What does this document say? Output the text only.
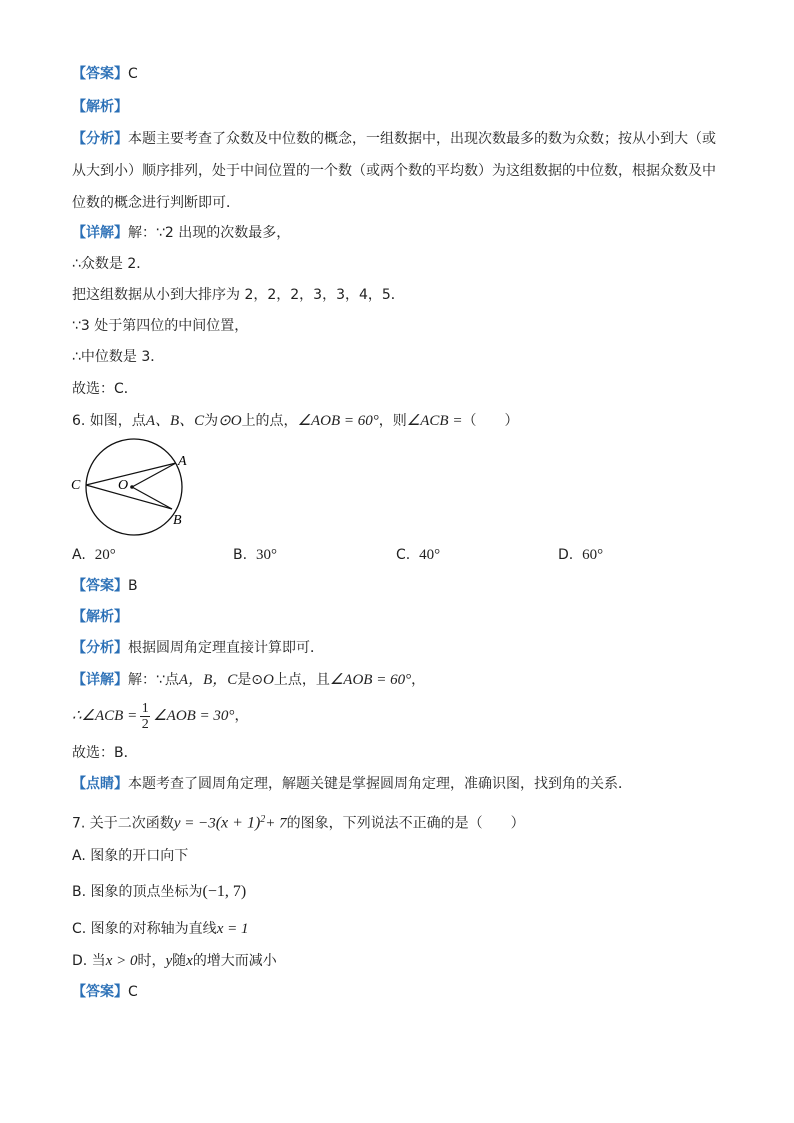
【答案】C
【解析】
【分析】本题主要考查了众数及中位数的概念，一组数据中，出现次数最多的数为众数；按从小到大（或
从大到小）顺序排列，处于中间位置的一个数（或两个数的平均数）为这组数据的中位数，根据众数及中
位数的概念进行判断即可．
【详解】解：∵2 出现的次数最多，
∴众数是 2．
把这组数据从小到大排序为 2，2，2，3，3，4，5．
∵3 处于第四位的中间位置，
∴中位数是 3．
故选：C．
6. 如图，点A、B、C为⊙O上的点，∠AOB = 60°，则∠ACB =（　　）
A
B
C	O
A. 20°	B. 30°	C. 40°	D. 60°
【答案】B
【解析】
【分析】根据圆周角定理直接计算即可．
【详解】解：∵点A，B，C是⊙O上点，且∠AOB = 60°，
∴∠ACB = 1
2 ∠AOB = 30° ，
故选：B．
【点睛】本题考查了圆周角定理，解题关键是掌握圆周角定理，准确识图，找到角的关系．
7. 关于二次函数$y = -3(x + 1)^2+ 7$的图象，下列说法不正确的是（　　）
A. 图象的开口向下
B. 图象的顶点坐标为(−1, 7)
C. 图象的对称轴为直线x = 1
D. 当x > 0时，y随x的增大而减小
【答案】C
